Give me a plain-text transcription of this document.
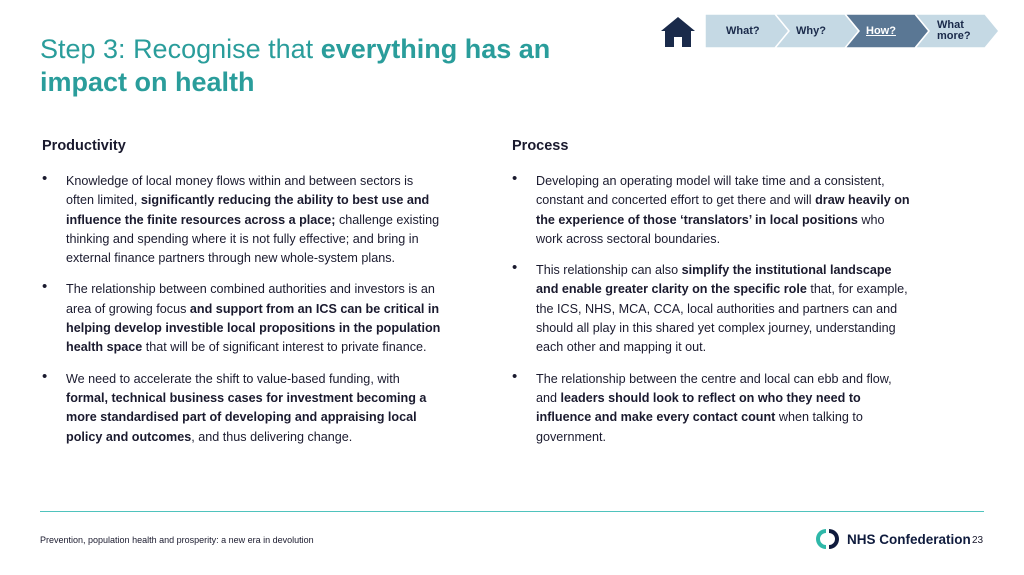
Step 3: Recognise that everything has an impact on health
What?	Why?	How?	What more?
Productivity
• Knowledge of local money flows within and between sectors is often limited, significantly reducing the ability to best use and influence the finite resources across a place; challenge existing thinking and spending where it is not fully effective; and bring in external finance partners through new whole-system plans.
• The relationship between combined authorities and investors is an area of growing focus and support from an ICS can be critical in helping develop investible local propositions in the population health space that will be of significant interest to private finance.
• We need to accelerate the shift to value-based funding, with formal, technical business cases for investment becoming a more standardised part of developing and appraising local policy and outcomes, and thus delivering change.
Process
• Developing an operating model will take time and a consistent, constant and concerted effort to get there and will draw heavily on the experience of those ‘translators’ in local positions who work across sectoral boundaries.
• This relationship can also simplify the institutional landscape and enable greater clarity on the specific role that, for example, the ICS, NHS, MCA, CCA, local authorities and partners can and should all play in this shared yet complex journey, understanding each other and mapping it out.
• The relationship between the centre and local can ebb and flow, and leaders should look to reflect on who they need to influence and make every contact count when talking to government.
Prevention, population health and prosperity: a new era in devolution	NHS Confederation 23
